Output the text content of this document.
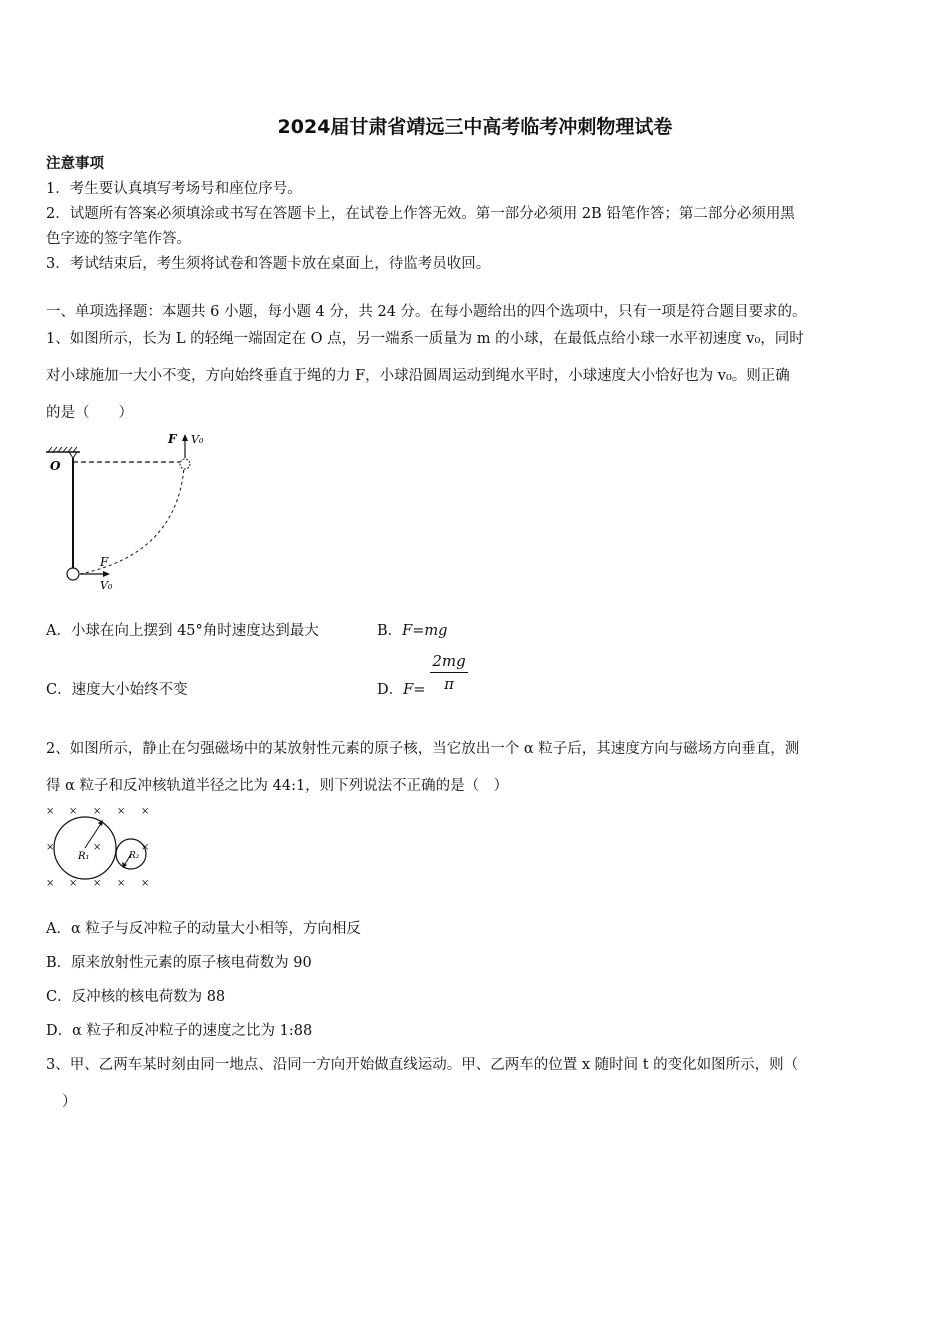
2024届甘肃省靖远三中高考临考冲刺物理试卷
注意事项
1．考生要认真填写考场号和座位序号。
2．试题所有答案必须填涂或书写在答题卡上，在试卷上作答无效。第一部分必须用 2B 铅笔作答；第二部分必须用黑
色字迹的签字笔作答。
3．考试结束后，考生须将试卷和答题卡放在桌面上，待监考员收回。
一、单项选择题：本题共 6 小题，每小题 4 分，共 24 分。在每小题给出的四个选项中，只有一项是符合题目要求的。
1、如图所示，长为 L 的轻绳一端固定在 O 点，另一端系一质量为 m 的小球，在最低点给小球一水平初速度 v₀，同时
对小球施加一大小不变，方向始终垂直于绳的力 F，小球沿圆周运动到绳水平时，小球速度大小恰好也为 v₀。则正确
的是（　　）
O
F V₀
F
V₀
A．小球在向上摆到 45°角时速度达到最大	B．F=mg
C．速度大小始终不变	D．$F= \frac{2mg}{\pi}$
2、如图所示，静止在匀强磁场中的某放射性元素的原子核，当它放出一个 α 粒子后，其速度方向与磁场方向垂直，测
得 α 粒子和反冲核轨道半径之比为 44:1，则下列说法不正确的是（　）
× × × × ×
×	×	×
× × × × ×
R₁	R₂
A．α 粒子与反冲粒子的动量大小相等，方向相反
B．原来放射性元素的原子核电荷数为 90
C．反冲核的核电荷数为 88
D．α 粒子和反冲粒子的速度之比为 1:88
3、甲、乙两车某时刻由同一地点、沿同一方向开始做直线运动。甲、乙两车的位置 x 随时间 t 的变化如图所示，则（
）
